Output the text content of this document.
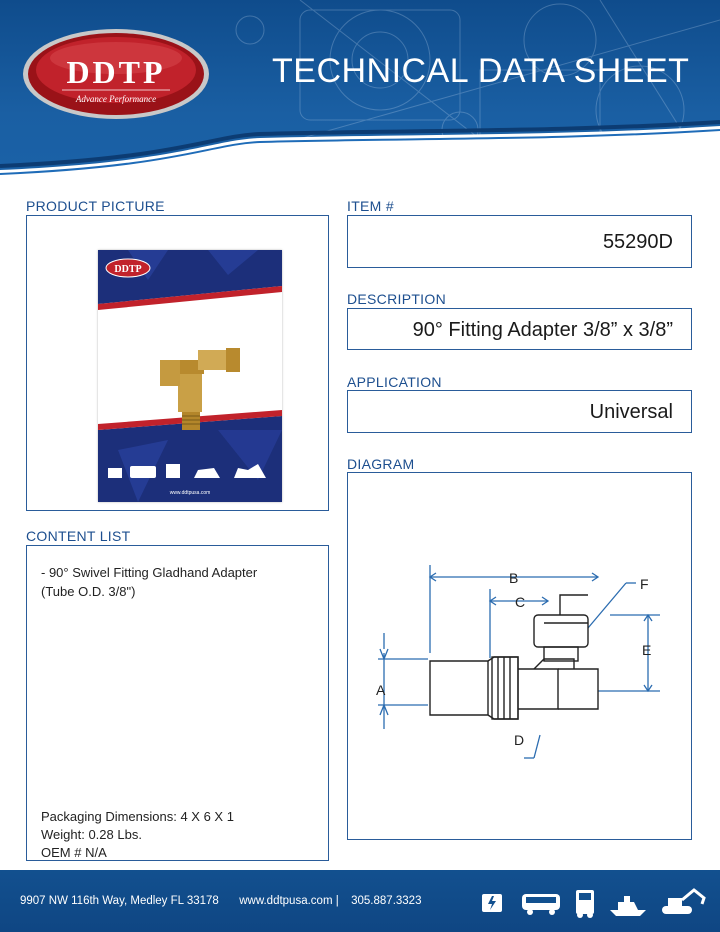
DDTP
Advance Performance
TECHNICAL DATA SHEET
PRODUCT PICTURE
DDTP
www.ddtpusa.com
ITEM #
55290D
DESCRIPTION
90° Fitting Adapter 3/8” x 3/8”
APPLICATION
Universal
DIAGRAM
B
C
F
E
A
D
CONTENT LIST
- 90° Swivel Fitting Gladhand Adapter
(Tube O.D. 3/8")
Packaging Dimensions: 4 X 6 X 1
Weight: 0.28 Lbs.
OEM # N/A
9907 NW 116th Way, Medley FL 33178 www.ddtpusa.com | 305.887.3323
